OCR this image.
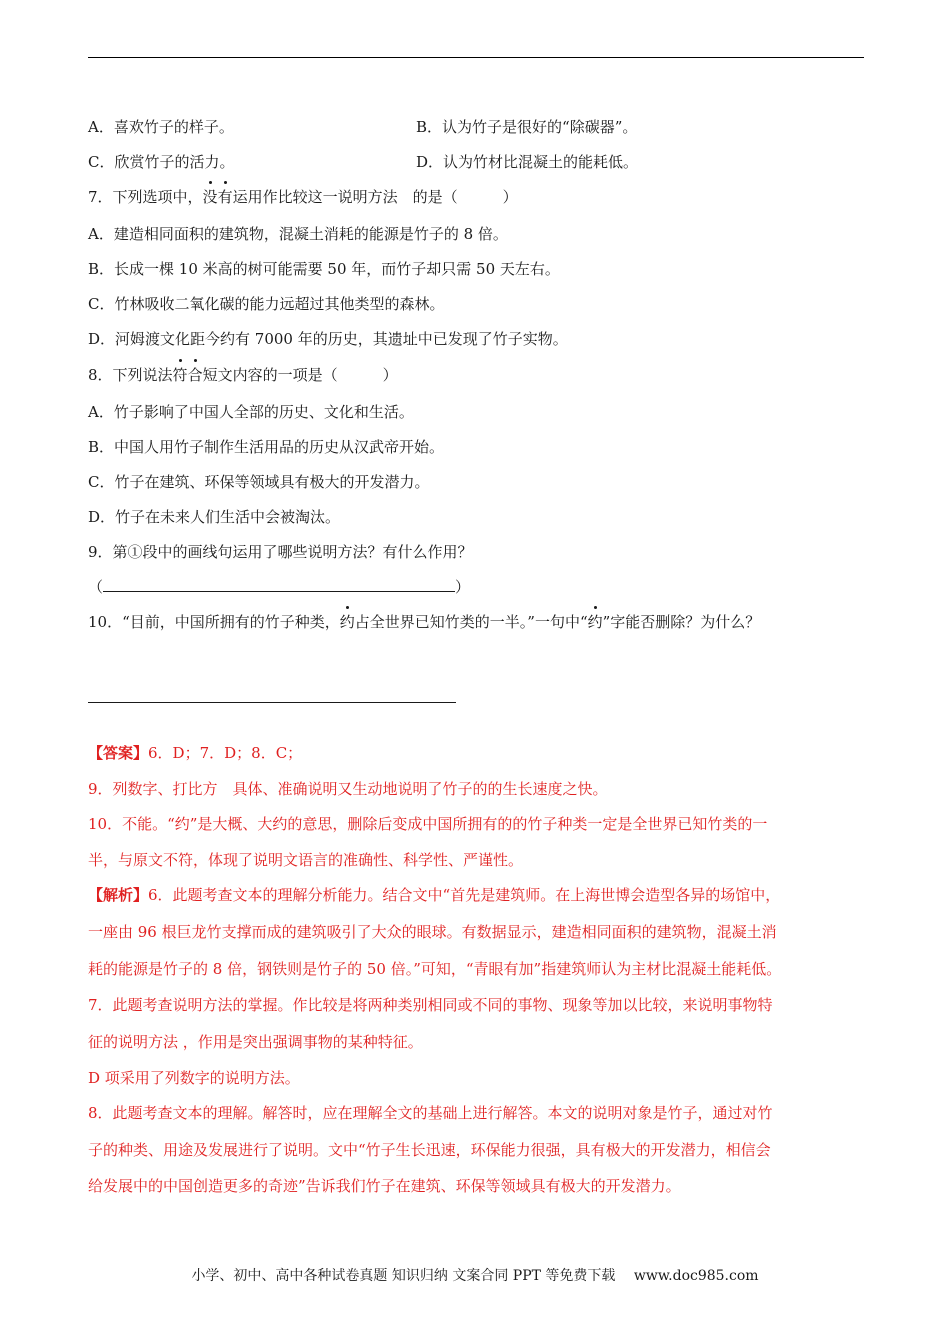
A．喜欢竹子的样子。	B．认为竹子是很好的“除碳器”。
C．欣赏竹子的活力。	D．认为竹材比混凝土的能耗低。
7．下列选项中，没有运用作比较这一说明方法　的是（　　　）
A．建造相同面积的建筑物，混凝土消耗的能源是竹子的 8 倍。
B．长成一棵 10 米高的树可能需要 50 年，而竹子却只需 50 天左右。
C．竹林吸收二氧化碳的能力远超过其他类型的森林。
D．河姆渡文化距今约有 7000 年的历史，其遗址中已发现了竹子实物。
8．下列说法符合短文内容的一项是（　　　）
A．竹子影响了中国人全部的历史、文化和生活。
B．中国人用竹子制作生活用品的历史从汉武帝开始。
C．竹子在建筑、环保等领域具有极大的开发潜力。
D．竹子在未来人们生活中会被淘汰。
9．第①段中的画线句运用了哪些说明方法？有什么作用？
（	）
10．“目前，中国所拥有的竹子种类，约占全世界已知竹类的一半。”一句中“约”字能否删除？为什么？
【答案】6．D；7．D；8．C；
9．列数字、打比方　具体、准确说明又生动地说明了竹子的的生长速度之快。
10．不能。“约”是大概、大约的意思，删除后变成中国所拥有的的竹子种类一定是全世界已知竹类的一
半，与原文不符，体现了说明文语言的准确性、科学性、严谨性。
【解析】6．此题考查文本的理解分析能力。结合文中“首先是建筑师。在上海世博会造型各异的场馆中，
一座由 96 根巨龙竹支撑而成的建筑吸引了大众的眼球。有数据显示，建造相同面积的建筑物，混凝土消
耗的能源是竹子的 8 倍，钢铁则是竹子的 50 倍。”可知，“青眼有加”指建筑师认为主材比混凝土能耗低。
7．此题考查说明方法的掌握。作比较是将两种类别相同或不同的事物、现象等加以比较，来说明事物特
征的说明方法 ，作用是突出强调事物的某种特征。
D 项采用了列数字的说明方法。
8．此题考查文本的理解。解答时，应在理解全文的基础上进行解答。本文的说明对象是竹子，通过对竹
子的种类、用途及发展进行了说明。文中“竹子生长迅速，环保能力很强，具有极大的开发潜力，相信会
给发展中的中国创造更多的奇迹”告诉我们竹子在建筑、环保等领域具有极大的开发潜力。
小学、初中、高中各种试卷真题 知识归纳 文案合同 PPT 等免费下载　 www.doc985.com
